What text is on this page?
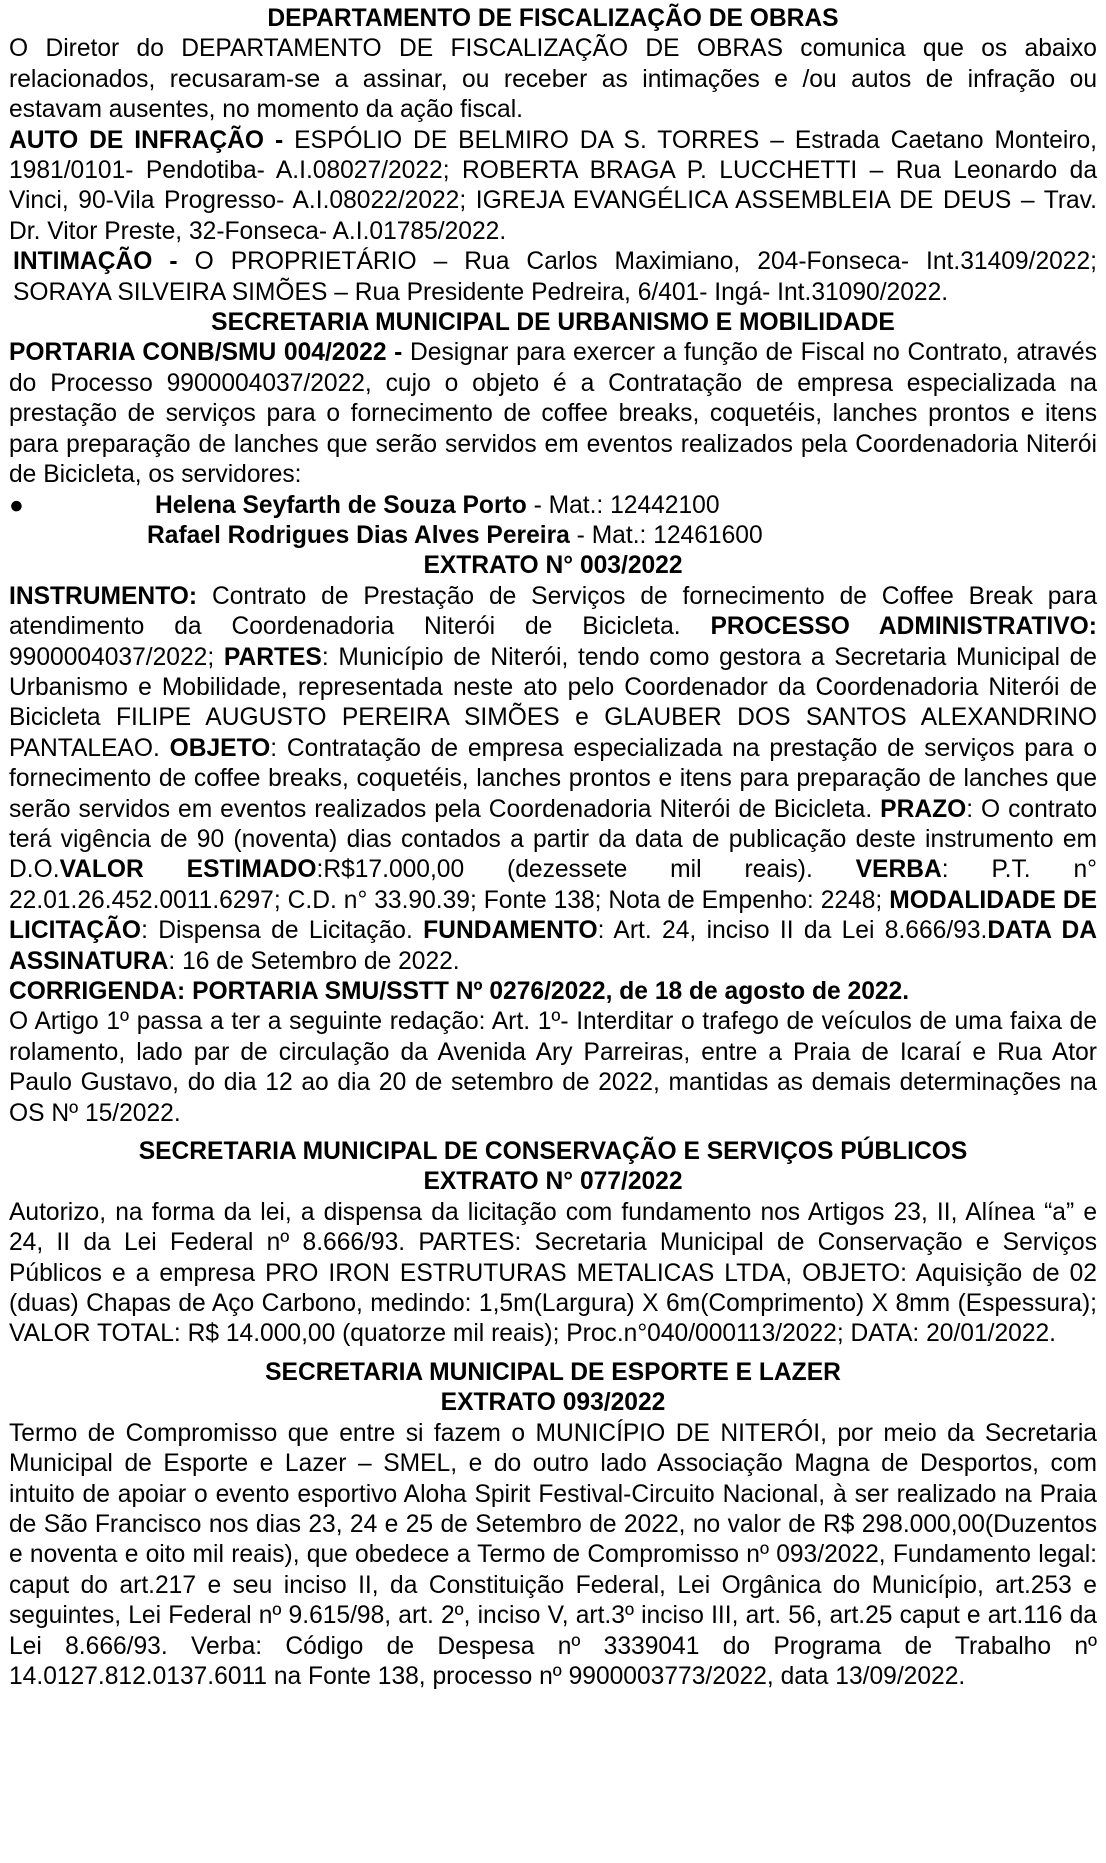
DEPARTAMENTO DE FISCALIZAÇÃO DE OBRAS

O Diretor do DEPARTAMENTO DE FISCALIZAÇÃO DE OBRAS comunica que os abaixo relacionados, recusaram-se a assinar, ou receber as intimações e /ou autos de infração ou estavam ausentes, no momento da ação fiscal.

AUTO DE INFRAÇÃO - ESPÓLIO DE BELMIRO DA S. TORRES – Estrada Caetano Monteiro, 1981/0101- Pendotiba- A.I.08027/2022; ROBERTA BRAGA P. LUCCHETTI – Rua Leonardo da Vinci, 90-Vila Progresso- A.I.08022/2022; IGREJA EVANGÉLICA ASSEMBLEIA DE DEUS – Trav. Dr. Vitor Preste, 32-Fonseca- A.I.01785/2022.

INTIMAÇÃO - O PROPRIETÁRIO – Rua Carlos Maximiano, 204-Fonseca- Int.31409/2022; SORAYA SILVEIRA SIMÕES – Rua Presidente Pedreira, 6/401- Ingá- Int.31090/2022.

SECRETARIA MUNICIPAL DE URBANISMO E MOBILIDADE

PORTARIA CONB/SMU 004/2022 - Designar para exercer a função de Fiscal no Contrato, através do Processo 9900004037/2022, cujo o objeto é a Contratação de empresa especializada na prestação de serviços para o fornecimento de coffee breaks, coquetéis, lanches prontos e itens para preparação de lanches que serão servidos em eventos realizados pela Coordenadoria Niterói de Bicicleta, os servidores:

●	Helena Seyfarth de Souza Porto - Mat.: 12442100

Rafael Rodrigues Dias Alves Pereira - Mat.: 12461600

EXTRATO N° 003/2022

INSTRUMENTO: Contrato de Prestação de Serviços de fornecimento de Coffee Break para atendimento da Coordenadoria Niterói de Bicicleta. PROCESSO ADMINISTRATIVO: 9900004037/2022; PARTES: Município de Niterói, tendo como gestora a Secretaria Municipal de Urbanismo e Mobilidade, representada neste ato pelo Coordenador da Coordenadoria Niterói de Bicicleta FILIPE AUGUSTO PEREIRA SIMÕES e GLAUBER DOS SANTOS ALEXANDRINO PANTALEAO. OBJETO: Contratação de empresa especializada na prestação de serviços para o fornecimento de coffee breaks, coquetéis, lanches prontos e itens para preparação de lanches que serão servidos em eventos realizados pela Coordenadoria Niterói de Bicicleta. PRAZO: O contrato terá vigência de 90 (noventa) dias contados a partir da data de publicação deste instrumento em D.O.VALOR ESTIMADO:R$17.000,00 (dezessete mil reais). VERBA: P.T. n° 22.01.26.452.0011.6297; C.D. n° 33.90.39; Fonte 138; Nota de Empenho: 2248; MODALIDADE DE LICITAÇÃO: Dispensa de Licitação. FUNDAMENTO: Art. 24, inciso II da Lei 8.666/93.DATA DA ASSINATURA: 16 de Setembro de 2022.

CORRIGENDA: PORTARIA SMU/SSTT Nº 0276/2022, de 18 de agosto de 2022.

O Artigo 1º passa a ter a seguinte redação: Art. 1º- Interditar o trafego de veículos de uma faixa de rolamento, lado par de circulação da Avenida Ary Parreiras, entre a Praia de Icaraí e Rua Ator Paulo Gustavo, do dia 12 ao dia 20 de setembro de 2022, mantidas as demais determinações na OS Nº 15/2022.

SECRETARIA MUNICIPAL DE CONSERVAÇÃO E SERVIÇOS PÚBLICOS

EXTRATO N° 077/2022

Autorizo, na forma da lei, a dispensa da licitação com fundamento nos Artigos 23, II, Alínea “a” e 24, II da Lei Federal nº 8.666/93. PARTES: Secretaria Municipal de Conservação e Serviços Públicos e a empresa PRO IRON ESTRUTURAS METALICAS LTDA, OBJETO: Aquisição de 02 (duas) Chapas de Aço Carbono, medindo: 1,5m(Largura) X 6m(Comprimento) X 8mm (Espessura); VALOR TOTAL: R$ 14.000,00 (quatorze mil reais); Proc.n°040/000113/2022; DATA: 20/01/2022.

SECRETARIA MUNICIPAL DE ESPORTE E LAZER

EXTRATO 093/2022

Termo de Compromisso que entre si fazem o MUNICÍPIO DE NITERÓI, por meio da Secretaria Municipal de Esporte e Lazer – SMEL, e do outro lado Associação Magna de Desportos, com intuito de apoiar o evento esportivo Aloha Spirit Festival-Circuito Nacional, à ser realizado na Praia de São Francisco nos dias 23, 24 e 25 de Setembro de 2022, no valor de R$ 298.000,00(Duzentos e noventa e oito mil reais), que obedece a Termo de Compromisso nº 093/2022, Fundamento legal: caput do art.217 e seu inciso II, da Constituição Federal, Lei Orgânica do Município, art.253 e seguintes, Lei Federal nº 9.615/98, art. 2º, inciso V, art.3º inciso III, art. 56, art.25 caput e art.116 da Lei 8.666/93. Verba: Código de Despesa nº 3339041 do Programa de Trabalho nº 14.0127.812.0137.6011 na Fonte 138, processo nº 9900003773/2022, data 13/09/2022.
